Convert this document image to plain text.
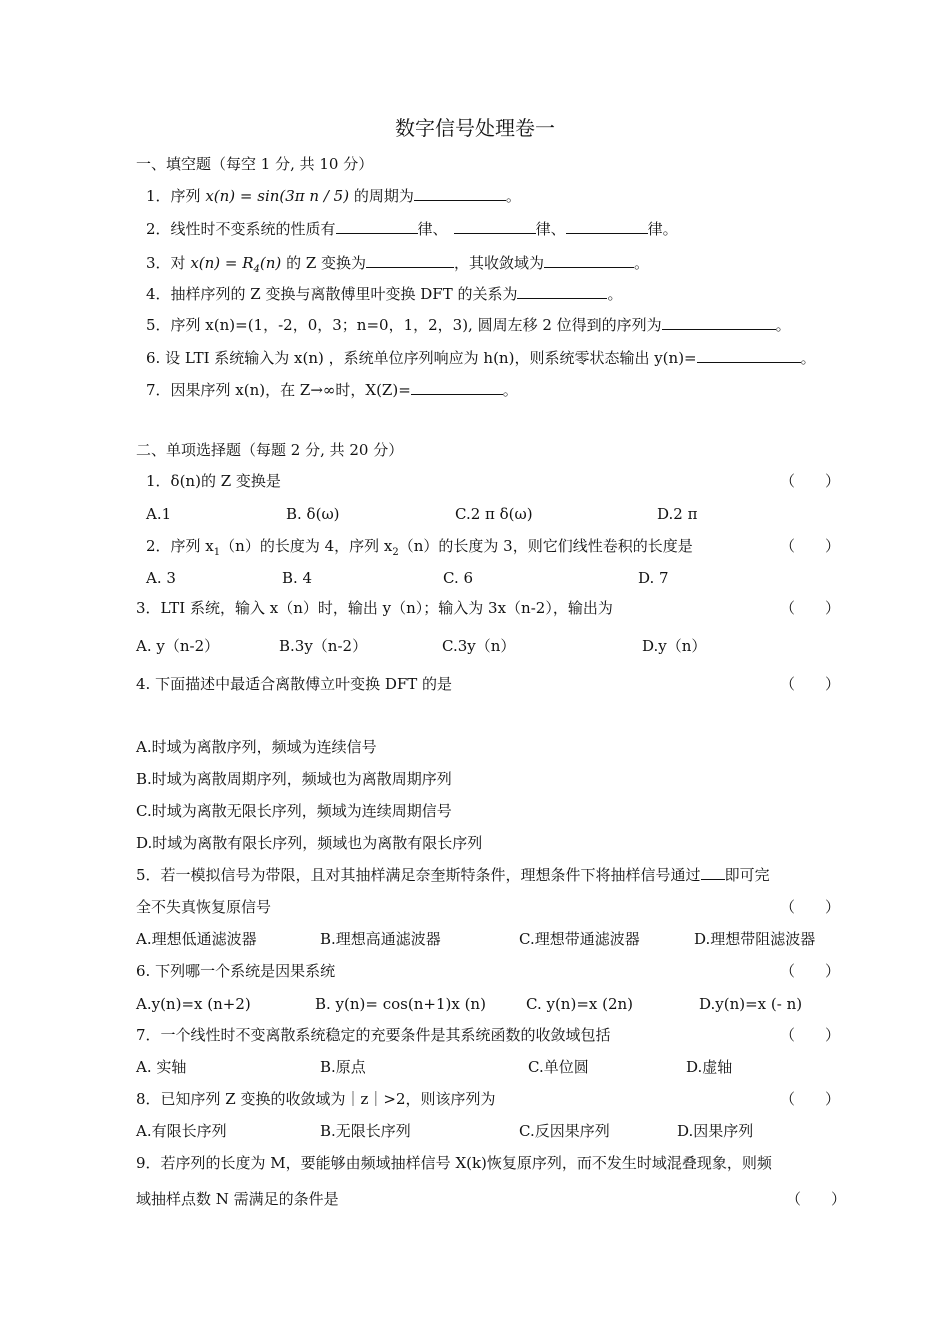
数字信号处理卷一
一、填空题（每空 1 分, 共 10 分）
1．序列 x(n) = sin(3π n / 5) 的周期为	。
2．线性时不变系统的性质有	律、	律、	律。
3．对 $x(n) = R_4(n)$ 的 Z 变换为	，其收敛域为	。
4．抽样序列的 Z 变换与离散傅里叶变换 DFT 的关系为	。
5．序列 x(n)=(1，-2，0，3；n=0，1，2，3), 圆周左移 2 位得到的序列为	。
6. 设 LTI 系统输入为 x(n) ，系统单位序列响应为 h(n)，则系统零状态输出 y(n)=	。
7．因果序列 x(n)，在 Z→∞时，X(Z)=	。
二、单项选择题（每题 2 分, 共 20 分）
1．δ(n)的 Z 变换是	（　　）
A.1	B. δ(ω)	C.2 π δ(ω)	D.2 π
2．序列 $x_1(n)$的长度为 4，序列 $x_2(n)$的长度为 3，则它们线性卷积的长度是	（　　）
A. 3	B. 4	C. 6	D. 7
3．LTI 系统，输入 x（n）时，输出 y（n）；输入为 3x（n-2），输出为	（　　）
A. y（n-2）	B.3y（n-2）	C.3y（n）	D.y（n）
4. 下面描述中最适合离散傅立叶变换 DFT 的是	（　　）
A.时域为离散序列，频域为连续信号
B.时域为离散周期序列，频域也为离散周期序列
C.时域为离散无限长序列，频域为连续周期信号
D.时域为离散有限长序列，频域也为离散有限长序列
5．若一模拟信号为带限，且对其抽样满足奈奎斯特条件，理想条件下将抽样信号通过 即可完
全不失真恢复原信号	（　　）
A.理想低通滤波器	B.理想高通滤波器	C.理想带通滤波器	D.理想带阻滤波器
6. 下列哪一个系统是因果系统	（　　）
A.y(n)=x (n+2)	B. y(n)= cos(n+1)x (n)	C. y(n)=x (2n)	D.y(n)=x (- n)
7．一个线性时不变离散系统稳定的充要条件是其系统函数的收敛域包括	（　　）
A. 实轴	B.原点	C.单位圆	D.虚轴
8．已知序列 Z 变换的收敛域为｜z｜>2，则该序列为	（　　）
A.有限长序列	B.无限长序列	C.反因果序列	D.因果序列
9．若序列的长度为 M，要能够由频域抽样信号 X(k)恢复原序列，而不发生时域混叠现象，则频
域抽样点数 N 需满足的条件是	（　　）
